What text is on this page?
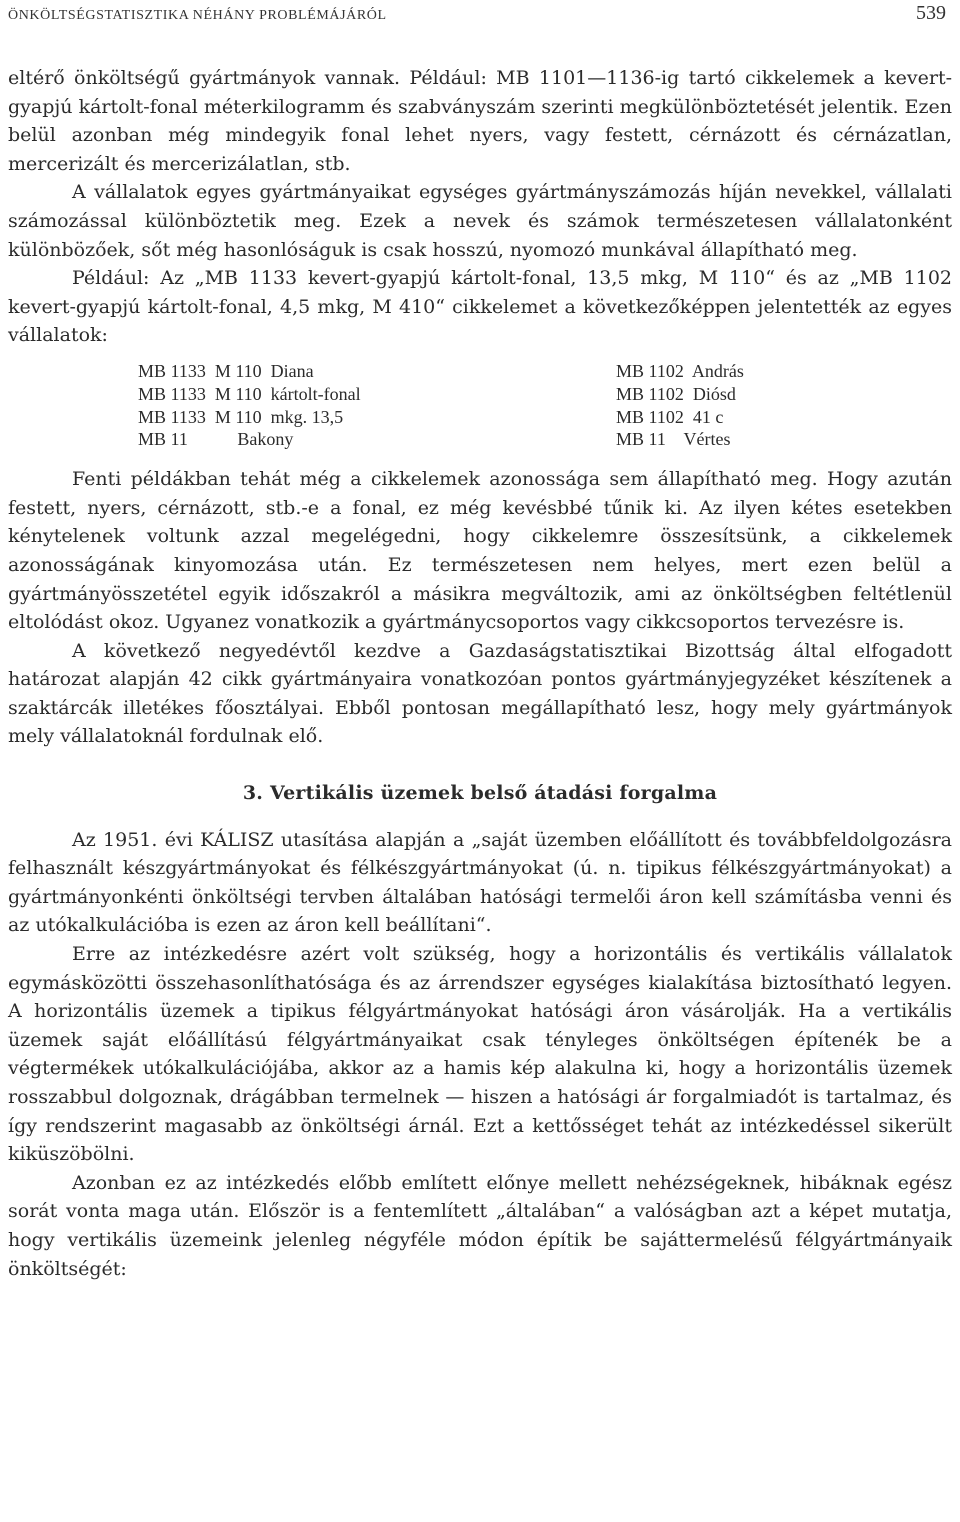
ÖNKÖLTSÉGSTATISZTIKA NÉHÁNY PROBLÉMÁJÁRÓL	539

eltérő önköltségű gyártmányok vannak. Például: MB 1101—1136-ig tartó cikkelemek a kevert-gyapjú kártolt-fonal méterkilogramm és szabványszám szerinti megkülönböztetését jelentik. Ezen belül azonban még mindegyik fonal lehet nyers, vagy festett, cérnázott és cérnázatlan, mercerizált és mercerizálatlan, stb.

A vállalatok egyes gyártmányaikat egységes gyártmányszámozás híján nevekkel, vállalati számozással különböztetik meg. Ezek a nevek és számok természetesen vállalatonként különbözőek, sőt még hasonlóságuk is csak hosszú, nyomozó munkával állapítható meg.

Például: Az „MB 1133 kevert-gyapjú kártolt-fonal, 13,5 mkg, M 110“ és az „MB 1102 kevert-gyapjú kártolt-fonal, 4,5 mkg, M 410“ cikkelemet a következőképpen jelentették az egyes vállalatok:

MB 1133  M 110  Diana
MB 1133  M 110  kártolt-fonal
MB 1133  M 110  mkg. 13,5
MB 11           Bakony
MB 1102  András
MB 1102  Diósd
MB 1102  41 c
MB 11    Vértes

Fenti példákban tehát még a cikkelemek azonossága sem állapítható meg. Hogy azután festett, nyers, cérnázott, stb.-e a fonal, ez még kevésbbé tűnik ki. Az ilyen kétes esetekben kénytelenek voltunk azzal megelégedni, hogy cikkelemre összesítsünk, a cikkelemek azonosságának kinyomozása után. Ez természetesen nem helyes, mert ezen belül a gyártmányösszetétel egyik időszakról a másikra megváltozik, ami az önköltségben feltétlenül eltolódást okoz. Ugyanez vonatkozik a gyártmánycsoportos vagy cikkcsoportos tervezésre is.

A következő negyedévtől kezdve a Gazdaságstatisztikai Bizottság által elfogadott határozat alapján 42 cikk gyártmányaira vonatkozóan pontos gyártmányjegyzéket készítenek a szaktárcák illetékes főosztályai. Ebből pontosan megállapítható lesz, hogy mely gyártmányok mely vállalatoknál fordulnak elő.

3. Vertikális üzemek belső átadási forgalma

Az 1951. évi KÁLISZ utasítása alapján a „saját üzemben előállított és továbbfeldolgozásra felhasznált készgyártmányokat és félkészgyártmányokat (ú. n. tipikus félkészgyártmányokat) a gyártmányonkénti önköltségi tervben általában hatósági termelői áron kell számításba venni és az utókalkulációba is ezen az áron kell beállítani“.

Erre az intézkedésre azért volt szükség, hogy a horizontális és vertikális vállalatok egymásközötti összehasonlíthatósága és az árrendszer egységes kialakítása biztosítható legyen. A horizontális üzemek a tipikus félgyártmányokat hatósági áron vásárolják. Ha a vertikális üzemek saját előállítású félgyártmányaikat csak tényleges önköltségen építenék be a végtermékek utókalkulációjába, akkor az a hamis kép alakulna ki, hogy a horizontális üzemek rosszabbul dolgoznak, drágábban termelnek — hiszen a hatósági ár forgalmiadót is tartalmaz, és így rendszerint magasabb az önköltségi árnál. Ezt a kettősséget tehát az intézkedéssel sikerült kiküszöbölni.

Azonban ez az intézkedés előbb említett előnye mellett nehézségeknek, hibáknak egész sorát vonta maga után. Először is a fentemlített „általában“ a valóságban azt a képet mutatja, hogy vertikális üzemeink jelenleg négyféle módon építik be sajáttermelésű félgyártmányaik önköltségét:
